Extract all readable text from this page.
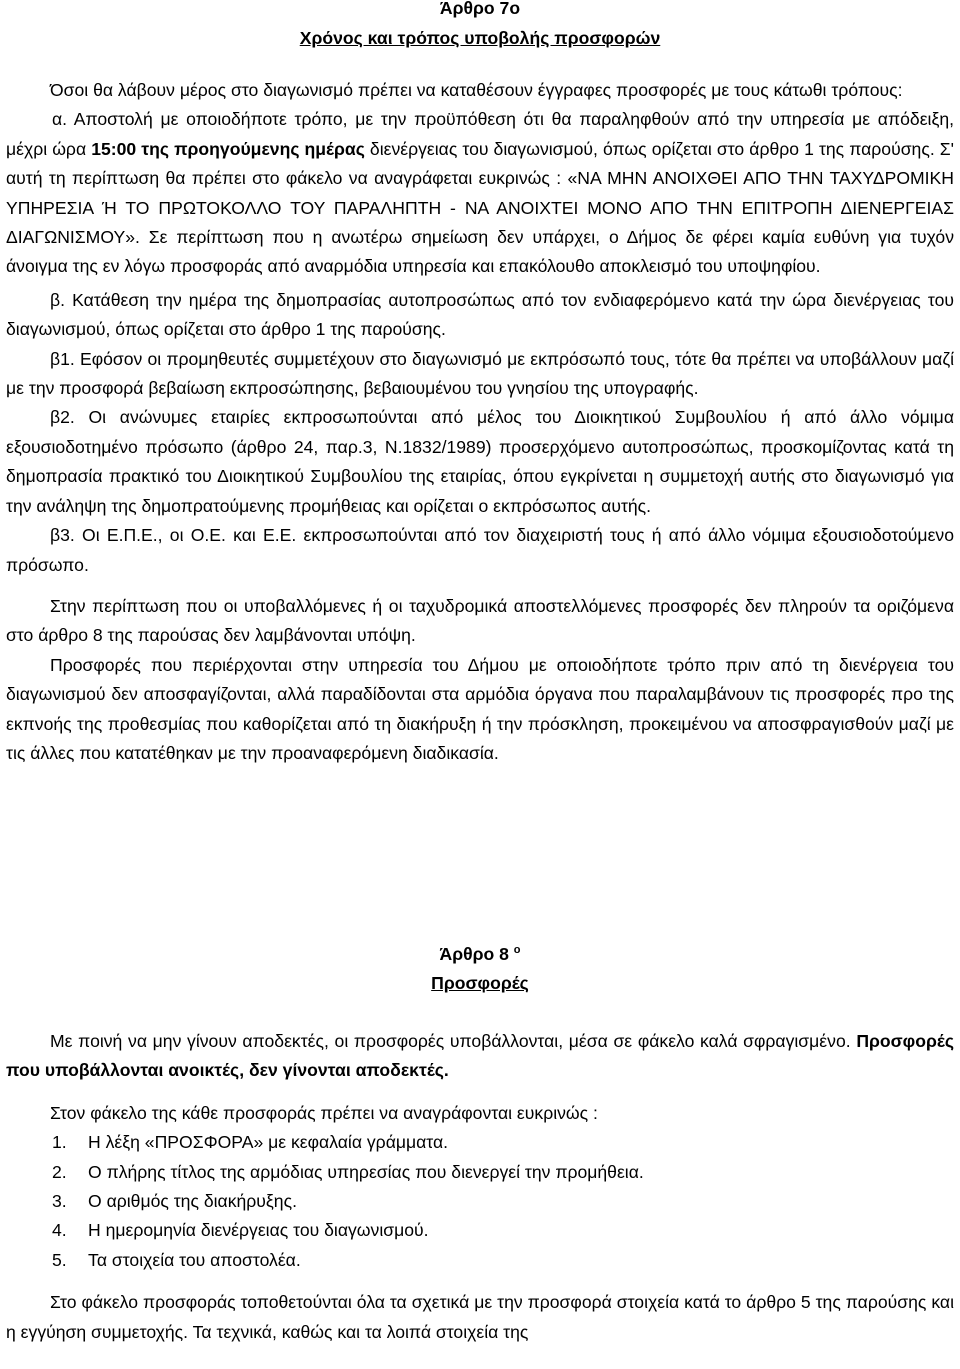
Άρθρο 7ο

Χρόνος και τρόπος υποβολής προσφορών

Όσοι θα λάβουν μέρος στο διαγωνισμό πρέπει να καταθέσουν έγγραφες προσφορές με τους κάτωθι τρόπους:

α. Αποστολή με οποιοδήποτε τρόπο, με την προϋπόθεση ότι θα παραληφθούν από την υπηρεσία με απόδειξη, μέχρι ώρα 15:00 της προηγούμενης ημέρας διενέργειας του διαγωνισμού, όπως ορίζεται στο άρθρο 1 της παρούσης. Σ' αυτή τη περίπτωση θα πρέπει στο φάκελο να αναγράφεται ευκρινώς : «ΝΑ ΜΗΝ ΑΝΟΙΧΘΕΙ ΑΠΟ ΤΗΝ ΤΑΧΥΔΡΟΜΙΚΗ ΥΠΗΡΕΣΙΑ Ή ΤΟ ΠΡΩΤΟΚΟΛΛΟ ΤΟΥ ΠΑΡΑΛΗΠΤΗ - ΝΑ ΑΝΟΙΧΤΕΙ ΜΟΝΟ ΑΠΟ ΤΗΝ ΕΠΙΤΡΟΠΗ ΔΙΕΝΕΡΓΕΙΑΣ ΔΙΑΓΩΝΙΣΜΟΥ». Σε περίπτωση που η ανωτέρω σημείωση δεν υπάρχει, ο Δήμος δε φέρει καμία ευθύνη για τυχόν άνοιγμα της εν λόγω προσφοράς από αναρμόδια υπηρεσία και επακόλουθο αποκλεισμό του υποψηφίου.

β. Κατάθεση την ημέρα της δημοπρασίας αυτοπροσώπως από τον ενδιαφερόμενο κατά την ώρα διενέργειας του διαγωνισμού, όπως ορίζεται στο άρθρο 1 της παρούσης.

β1. Εφόσον οι προμηθευτές συμμετέχουν στο διαγωνισμό με εκπρόσωπό τους, τότε θα πρέπει να υποβάλλουν μαζί με την προσφορά βεβαίωση εκπροσώπησης, βεβαιουμένου του γνησίου της υπογραφής.

β2. Οι ανώνυμες εταιρίες εκπροσωπούνται από μέλος του Διοικητικού Συμβουλίου ή από άλλο νόμιμα εξουσιοδοτημένο πρόσωπο (άρθρο 24, παρ.3, Ν.1832/1989) προσερχόμενο αυτοπροσώπως, προσκομίζοντας κατά τη δημοπρασία πρακτικό του Διοικητικού Συμβουλίου της εταιρίας, όπου εγκρίνεται η συμμετοχή αυτής στο διαγωνισμό για την ανάληψη της δημοπρατούμενης προμήθειας και ορίζεται ο εκπρόσωπος αυτής.

β3. Οι Ε.Π.Ε., οι Ο.Ε. και Ε.Ε. εκπροσωπούνται από τον διαχειριστή τους ή από άλλο νόμιμα εξουσιοδοτούμενο πρόσωπο.

Στην περίπτωση που οι υποβαλλόμενες ή οι ταχυδρομικά αποστελλόμενες προσφορές δεν πληρούν τα οριζόμενα στο άρθρο 8 της παρούσας δεν λαμβάνονται υπόψη.

Προσφορές που περιέρχονται στην υπηρεσία του Δήμου με οποιοδήποτε τρόπο πριν από τη διενέργεια του διαγωνισμού δεν αποσφαγίζονται, αλλά παραδίδονται στα αρμόδια όργανα που παραλαμβάνουν τις προσφορές προ της εκπνοής της προθεσμίας που καθορίζεται από τη διακήρυξη ή την πρόσκληση, προκειμένου να αποσφραγισθούν μαζί με τις άλλες που κατατέθηκαν με την προαναφερόμενη διαδικασία.

Άρθρο 8 $^o$

Προσφορές

Με ποινή να μην γίνουν αποδεκτές, οι προσφορές υποβάλλονται, μέσα σε φάκελο καλά σφραγισμένο. Προσφορές που υποβάλλονται ανοικτές, δεν γίνονται αποδεκτές.

Στον φάκελο της κάθε προσφοράς πρέπει να αναγράφονται ευκρινώς :

1. Η λέξη «ΠΡΟΣΦΟΡΑ» με κεφαλαία γράμματα.
2. Ο πλήρης τίτλος της αρμόδιας υπηρεσίας που διενεργεί την προμήθεια.
3. Ο αριθμός της διακήρυξης.
4. Η ημερομηνία διενέργειας του διαγωνισμού.
5. Τα στοιχεία του αποστολέα.

Στο φάκελο προσφοράς τοποθετούνται όλα τα σχετικά με την προσφορά στοιχεία κατά το άρθρο 5 της παρούσης και η εγγύηση συμμετοχής. Τα τεχνικά, καθώς και τα λοιπά στοιχεία της
